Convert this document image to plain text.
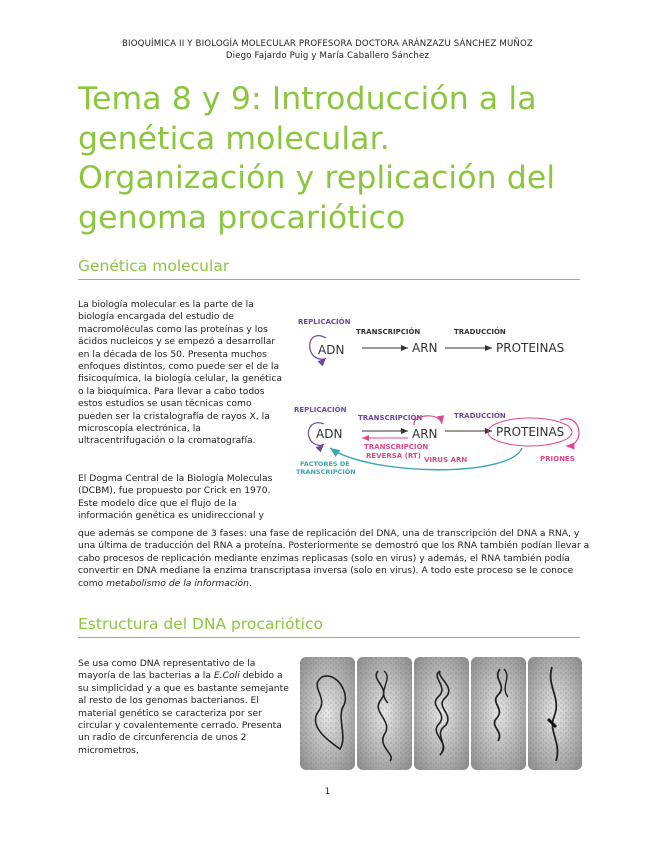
BIOQUÍMICA II Y BIOLOGÍA MOLECULAR PROFESORA DOCTORA ARÁNZAZU SÁNCHEZ MUÑOZ
Diego Fajardo Puig y María Caballero Sánchez
Tema 8 y 9: Introducción a la
genética molecular.
Organización y replicación del
genoma procariótico
Genética molecular
La biología molecular es la parte de la biología encargada del estudio de macromoléculas como las proteínas y los ácidos nucleicos y se empezó a desarrollar en la década de los 50. Presenta muchos enfoques distintos, como puede ser el de la fisicoquímica, la biología celular, la genética o la bioquímica. Para llevar a cabo todos estos estudios se usan técnicas como pueden ser la cristalografía de rayos X, la microscopía electrónica, la ultracentrifugación o la cromatografía.
El Dogma Central de la Biología Moleculas (DCBM), fue propuesto por Crick en 1970. Este modelo dice que el flujo de la información genética es unidireccional y
que además se compone de 3 fases: una fase de replicación del DNA, una de transcripción del DNA a RNA, y una última de traducción del RNA a proteína. Posteriormente se demostró que los RNA también podían llevar a cabo procesos de replicación mediante enzimas replicasas (solo en virus) y además, el RNA también podía convertir en DNA mediane la enzima transcriptasa inversa (solo en virus). A todo este proceso se le conoce como metabolismo de la información.
REPLICACIÓN
ADN
TRANSCRIPCIÓN
ARN
TRADUCCIÓN
PROTEINAS
REPLICACIÓN
ADN
TRANSCRIPCIÓN
TRANSCRIPCIÓN
REVERSA (RT)
ARN
VIRUS ARN
TRADUCCIÓN
PROTEINAS
PRIONES
FACTORES DE
TRANSCRIPCIÓN
Estructura del DNA procariótico
Se usa como DNA representativo de la mayoría de las bacterias a la E.Coli debido a su simplicidad y a que es bastante semejante al resto de los genomas bacterianos. El material genético se caracteriza por ser circular y covalentemente cerrado. Presenta un radio de circunferencia de unos 2 micrometros,
1
